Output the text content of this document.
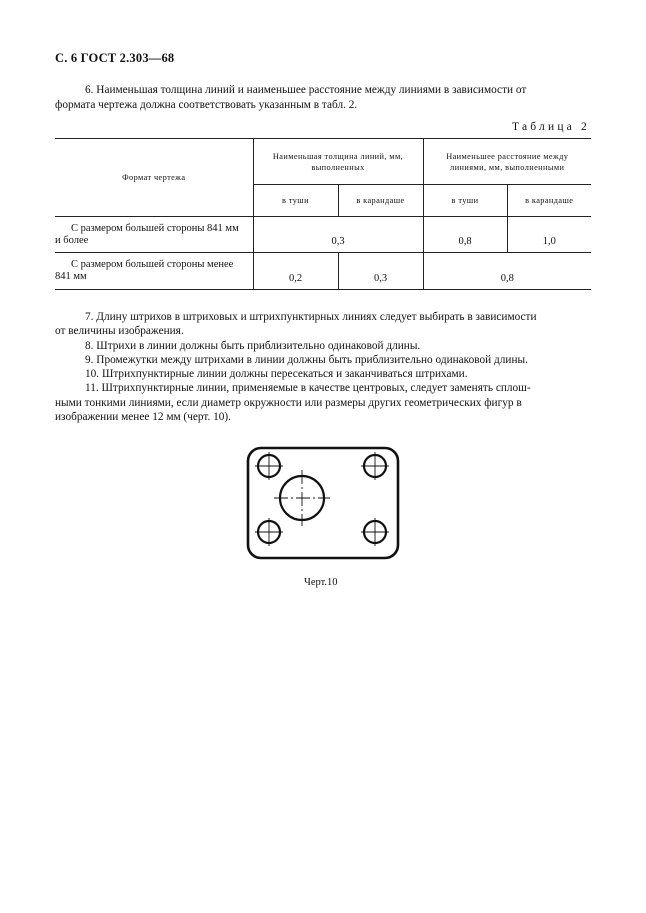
С. 6 ГОСТ 2.303—68
6. Наименьшая толщина линий и наименьшее расстояние между линиями в зависимости от
формата чертежа должна соответствовать указанным в табл. 2.
Таблица 2
Формат чертежа	Наименьшая толщина линий, мм, выполненных		Наименьшее расстояние между линиями, мм, выполненными	
	в туши	в карандаше	в туши	в карандаше

С размером большей стороны 841 мм
и более	0,3		0,8	1,0

С размером большей стороны менее
841 мм	0,2	0,3	0,8	

7. Длину штрихов в штриховых и штрихпунктирных линиях следует выбирать в зависимости

от величины изображения.

8. Штрихи в линии должны быть приблизительно одинаковой длины.

9. Промежутки между штрихами в линии должны быть приблизительно одинаковой длины.

10. Штрихпунктирные линии должны пересекаться и заканчиваться штрихами.

11. Штрихпунктирные линии, применяемые в качестве центровых, следует заменять сплош-

ными тонкими линиями, если диаметр окружности или размеры других геометрических фигур в

изображении менее 12 мм (черт. 10).

Черт.10
